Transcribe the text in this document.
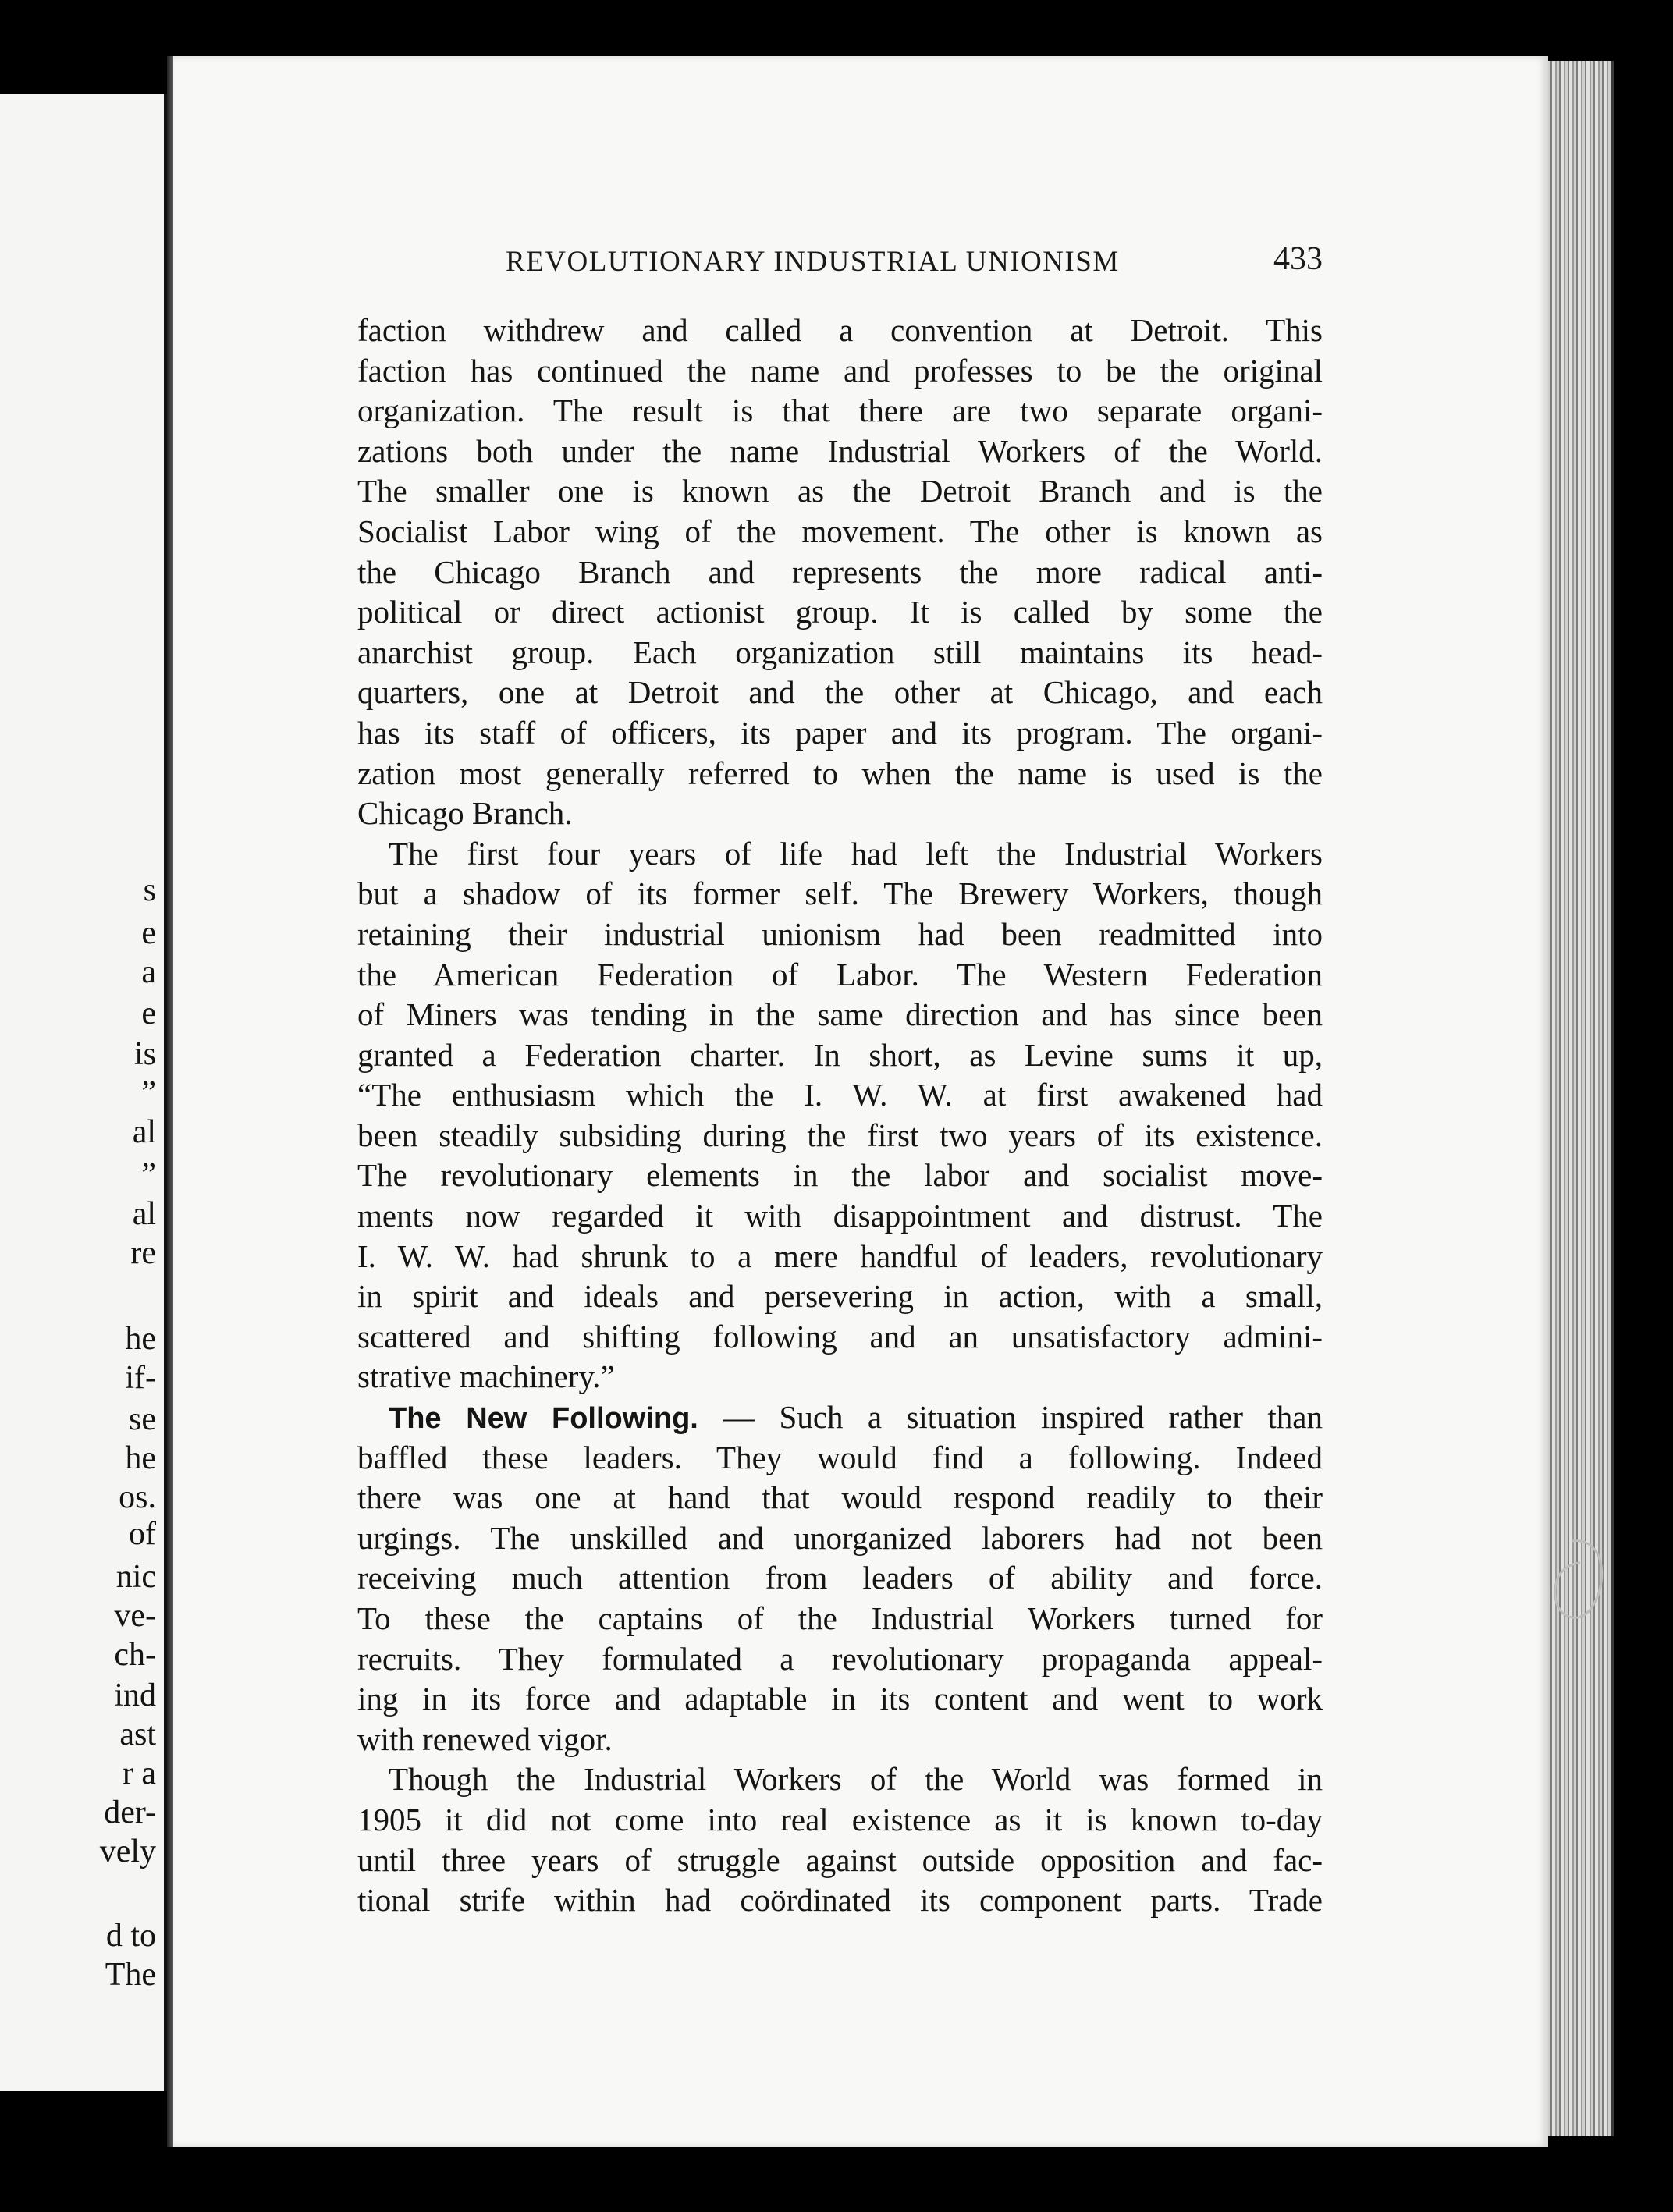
s
e
a
e
is
”
al
”
al
re
he
if-
se
he
os.
of
nic
ve-
ch-
ind
ast
r a
der-
vely
d to
The
REVOLUTIONARY INDUSTRIAL UNIONISM	433
faction withdrew and called a convention at Detroit. This
faction has continued the name and professes to be the original
organization. The result is that there are two separate organi-
zations both under the name Industrial Workers of the World.
The smaller one is known as the Detroit Branch and is the
Socialist Labor wing of the movement. The other is known as
the Chicago Branch and represents the more radical anti-
political or direct actionist group. It is called by some the
anarchist group. Each organization still maintains its head-
quarters, one at Detroit and the other at Chicago, and each
has its staff of officers, its paper and its program. The organi-
zation most generally referred to when the name is used is the
Chicago Branch.
The first four years of life had left the Industrial Workers
but a shadow of its former self. The Brewery Workers, though
retaining their industrial unionism had been readmitted into
the American Federation of Labor. The Western Federation
of Miners was tending in the same direction and has since been
granted a Federation charter. In short, as Levine sums it up,
“The enthusiasm which the I. W. W. at first awakened had
been steadily subsiding during the first two years of its existence.
The revolutionary elements in the labor and socialist move-
ments now regarded it with disappointment and distrust. The
I. W. W. had shrunk to a mere handful of leaders, revolutionary
in spirit and ideals and persevering in action, with a small,
scattered and shifting following and an unsatisfactory admini-
strative machinery.”
The New Following. — Such a situation inspired rather than
baffled these leaders. They would find a following. Indeed
there was one at hand that would respond readily to their
urgings. The unskilled and unorganized laborers had not been
receiving much attention from leaders of ability and force.
To these the captains of the Industrial Workers turned for
recruits. They formulated a revolutionary propaganda appeal-
ing in its force and adaptable in its content and went to work
with renewed vigor.
Though the Industrial Workers of the World was formed in
1905 it did not come into real existence as it is known to-day
until three years of struggle against outside opposition and fac-
tional strife within had coördinated its component parts. Trade
